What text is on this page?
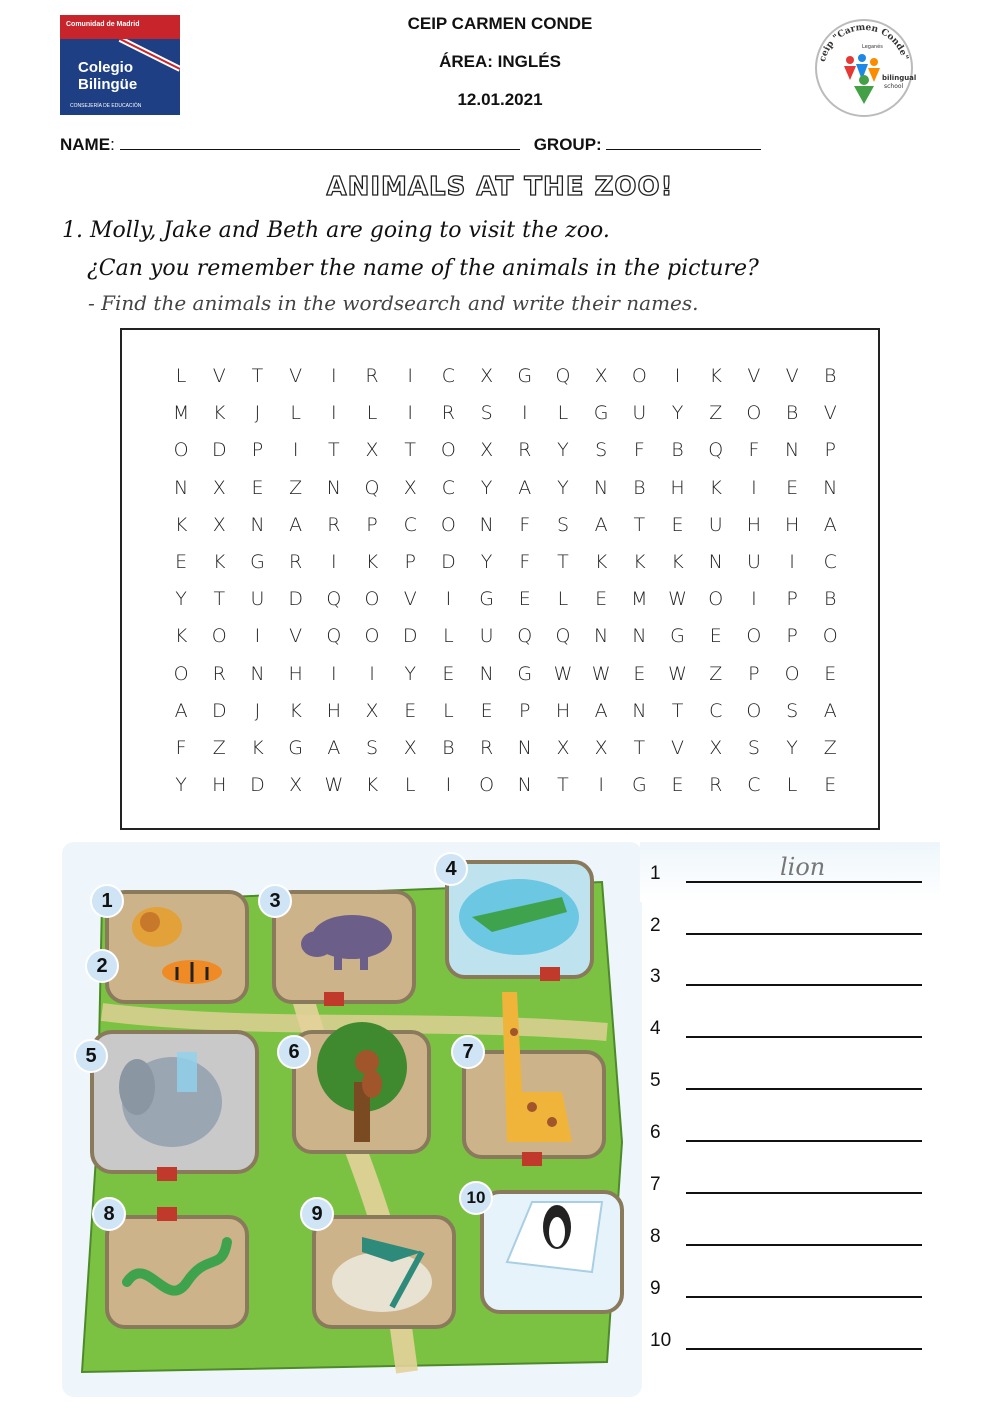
Comunidad de Madrid
Colegio
Bilingüe
CONSEJERÍA DE EDUCACIÓN
CEIP CARMEN CONDE
ÁREA: INGLÉS
12.01.2021
ceip "Carmen Conde"
Leganés
bilingual
school
NAME:	GROUP:
ANIMALS AT THE ZOO!
1. Molly, Jake and Beth are going to visit the zoo.
¿Can you remember the name of the animals in the picture?
- Find the animals in the wordsearch and write their names.
L	V	T	V	I	R	I	C	X	G	Q	X	O	I	K	V	V	B
M	K	J	L	I	L	I	R	S	I	L	G	U	Y	Z	O	B	V
O	D	P	I	T	X	T	O	X	R	Y	S	F	B	Q	F	N	P
N	X	E	Z	N	Q	X	C	Y	A	Y	N	B	H	K	I	E	N
K	X	N	A	R	P	C	O	N	F	S	A	T	E	U	H	H	A
E	K	G	R	I	K	P	D	Y	F	T	K	K	K	N	U	I	C
Y	T	U	D	Q	O	V	I	G	E	L	E	M	W	O	I	P	B
K	O	I	V	Q	O	D	L	U	Q	Q	N	N	G	E	O	P	O
O	R	N	H	I	I	Y	E	N	G	W	W	E	W	Z	P	O	E
A	D	J	K	H	X	E	L	E	P	H	A	N	T	C	O	S	A
F	Z	K	G	A	S	X	B	R	N	X	X	T	V	X	S	Y	Z
Y	H	D	X	W	K	L	I	O	N	T	I	G	E	R	C	L	E
1
2
3
4
5	6	7
8	9
10
1	lion
2
3
4
5
6
7
8
9
10
